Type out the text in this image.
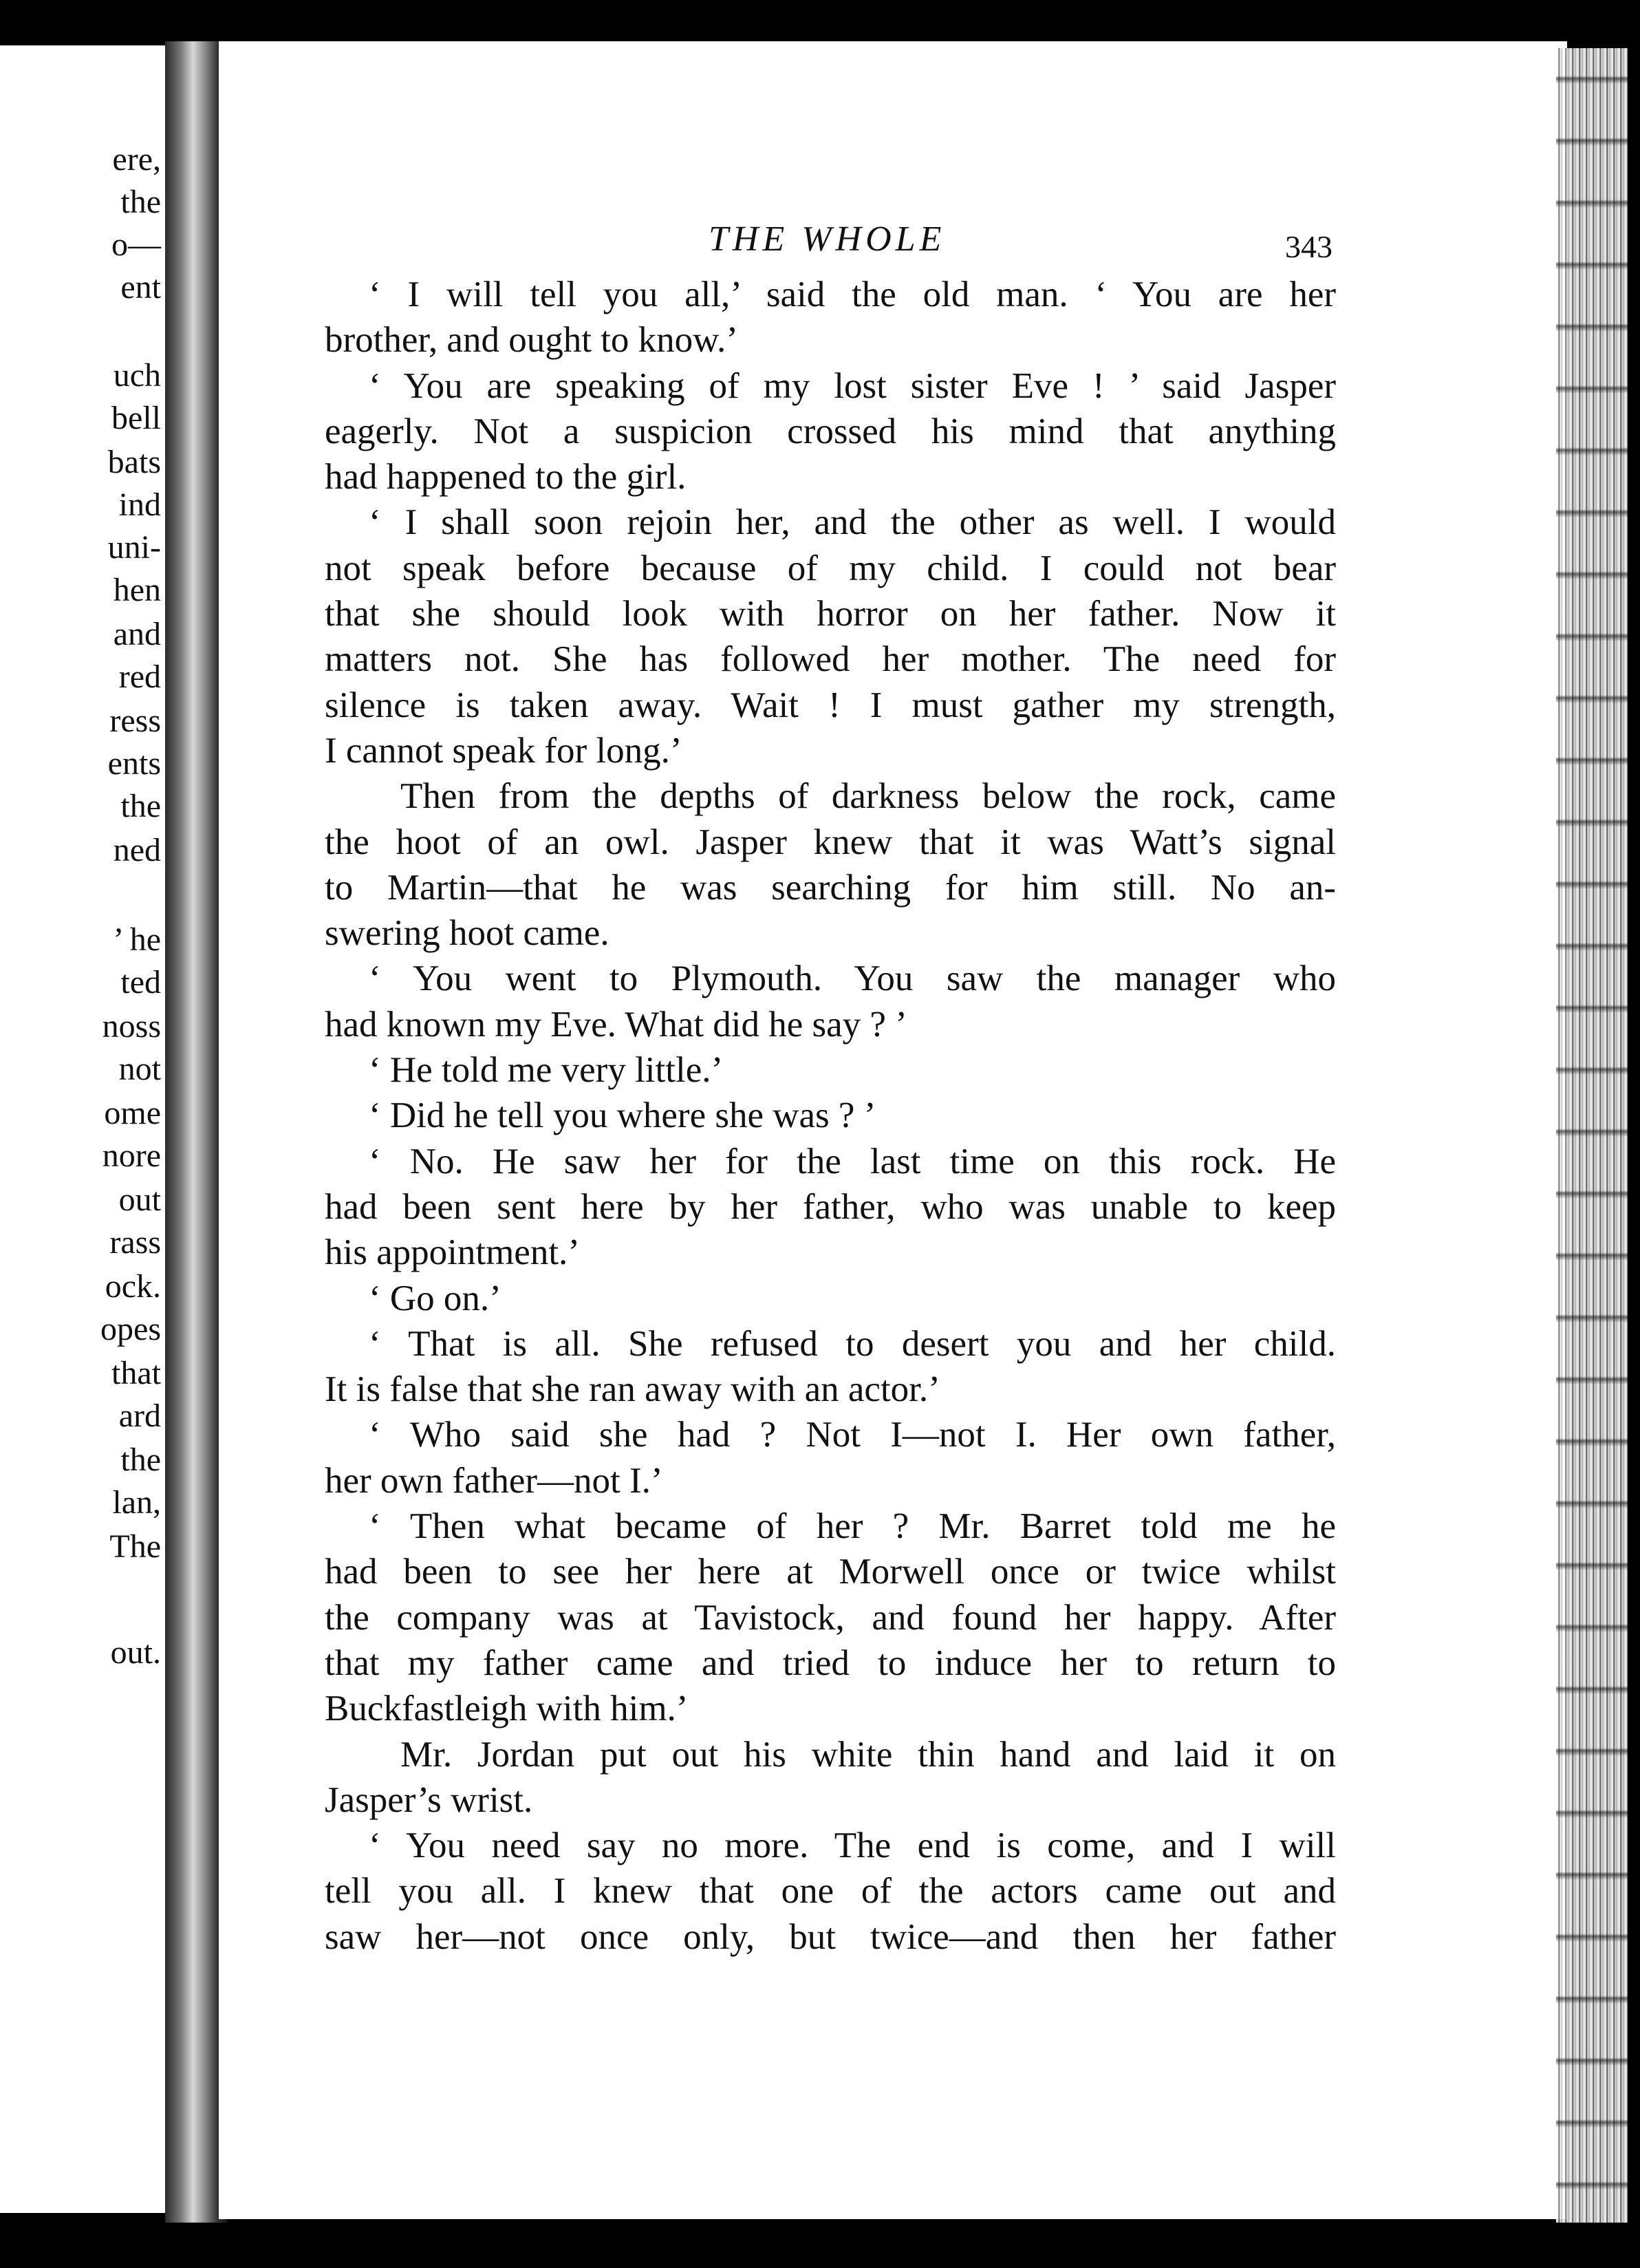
ere,
the
o—
ent
uch
bell
bats
ind
uni-
hen
and
red
ress
ents
the
ned
’ he
ted
noss
not
ome
nore
out
rass
ock.
opes
that
ard
the
lan,
The
out.
THE WHOLE	343
‘ I will tell you all,’ said the old man. ‘ You are her
brother, and ought to know.’
‘ You are speaking of my lost sister Eve ! ’ said Jasper
eagerly. Not a suspicion crossed his mind that anything
had happened to the girl.
‘ I shall soon rejoin her, and the other as well. I would
not speak before because of my child. I could not bear
that she should look with horror on her father. Now it
matters not. She has followed her mother. The need for
silence is taken away. Wait ! I must gather my strength,
I cannot speak for long.’
Then from the depths of darkness below the rock, came
the hoot of an owl. Jasper knew that it was Watt’s signal
to Martin—that he was searching for him still. No an-
swering hoot came.
‘ You went to Plymouth. You saw the manager who
had known my Eve. What did he say ? ’
‘ He told me very little.’
‘ Did he tell you where she was ? ’
‘ No. He saw her for the last time on this rock. He
had been sent here by her father, who was unable to keep
his appointment.’
‘ Go on.’
‘ That is all. She refused to desert you and her child.
It is false that she ran away with an actor.’
‘ Who said she had ? Not I—not I. Her own father,
her own father—not I.’
‘ Then what became of her ? Mr. Barret told me he
had been to see her here at Morwell once or twice whilst
the company was at Tavistock, and found her happy. After
that my father came and tried to induce her to return to
Buckfastleigh with him.’
Mr. Jordan put out his white thin hand and laid it on
Jasper’s wrist.
‘ You need say no more. The end is come, and I will
tell you all. I knew that one of the actors came out and
saw her—not once only, but twice—and then her father
